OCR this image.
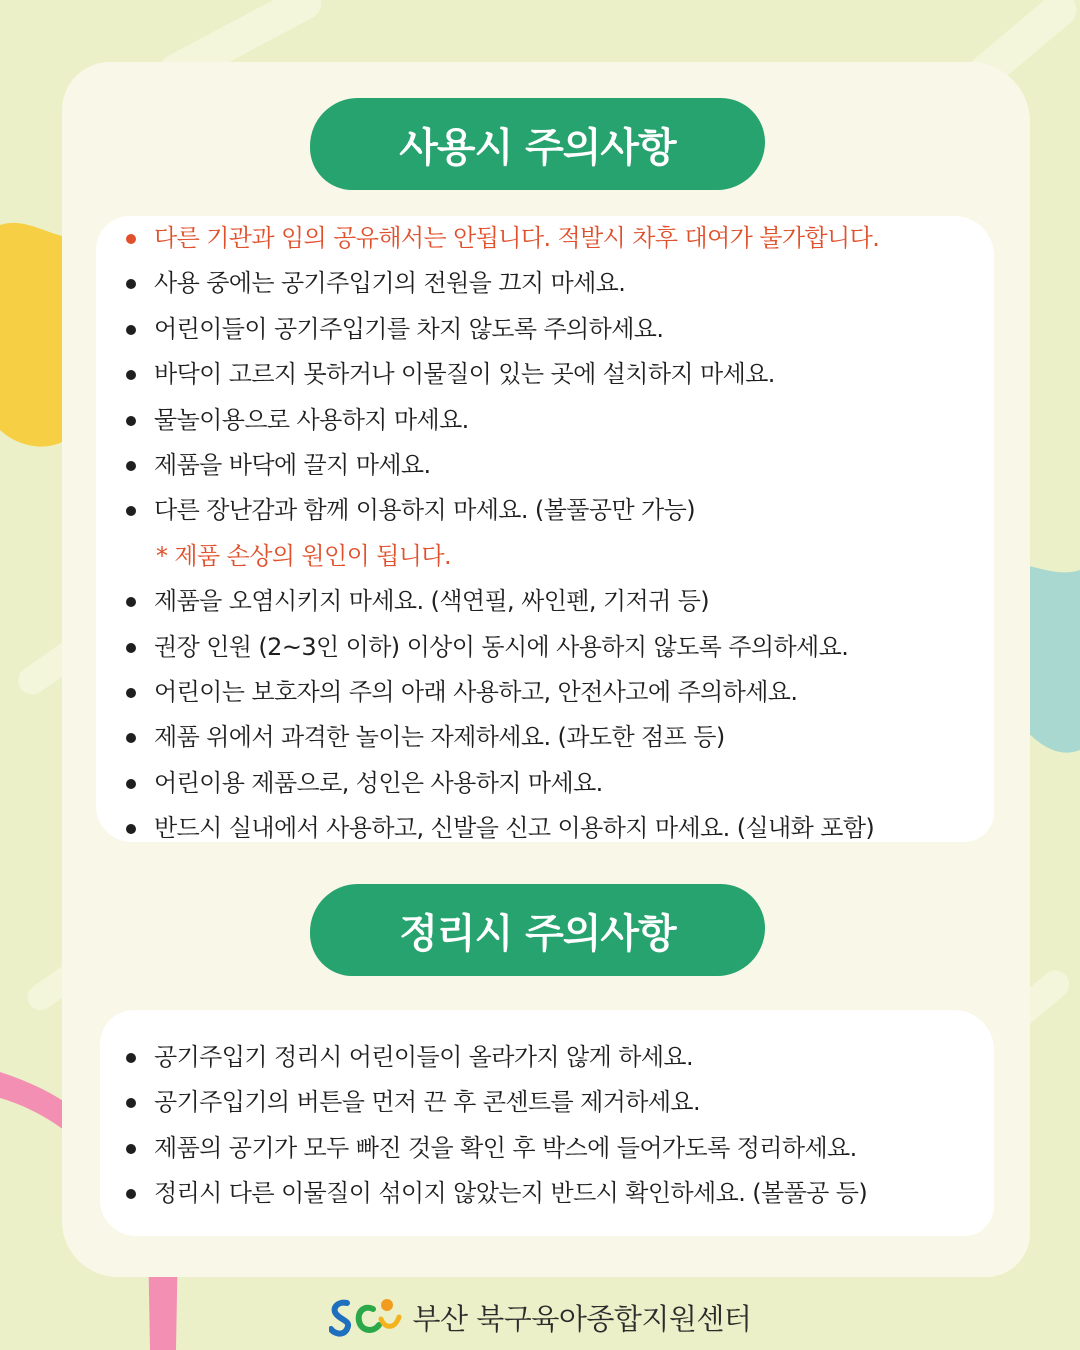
사용시 주의사항
다른 기관과 임의 공유해서는 안됩니다. 적발시 차후 대여가 불가합니다.
사용 중에는 공기주입기의 전원을 끄지 마세요.
어린이들이 공기주입기를 차지 않도록 주의하세요.
바닥이 고르지 못하거나 이물질이 있는 곳에 설치하지 마세요.
물놀이용으로 사용하지 마세요.
제품을 바닥에 끌지 마세요.
다른 장난감과 함께 이용하지 마세요. (볼풀공만 가능)
* 제품 손상의 원인이 됩니다.
제품을 오염시키지 마세요. (색연필, 싸인펜, 기저귀 등)
권장 인원 (2~3인 이하) 이상이 동시에 사용하지 않도록 주의하세요.
어린이는 보호자의 주의 아래 사용하고, 안전사고에 주의하세요.
제품 위에서 과격한 놀이는 자제하세요. (과도한 점프 등)
어린이용 제품으로, 성인은 사용하지 마세요.
반드시 실내에서 사용하고, 신발을 신고 이용하지 마세요. (실내화 포함)
정리시 주의사항
공기주입기 정리시 어린이들이 올라가지 않게 하세요.
공기주입기의 버튼을 먼저 끈 후 콘센트를 제거하세요.
제품의 공기가 모두 빠진 것을 확인 후 박스에 들어가도록 정리하세요.
정리시 다른 이물질이 섞이지 않았는지 반드시 확인하세요. (볼풀공 등)
부산 북구육아종합지원센터
